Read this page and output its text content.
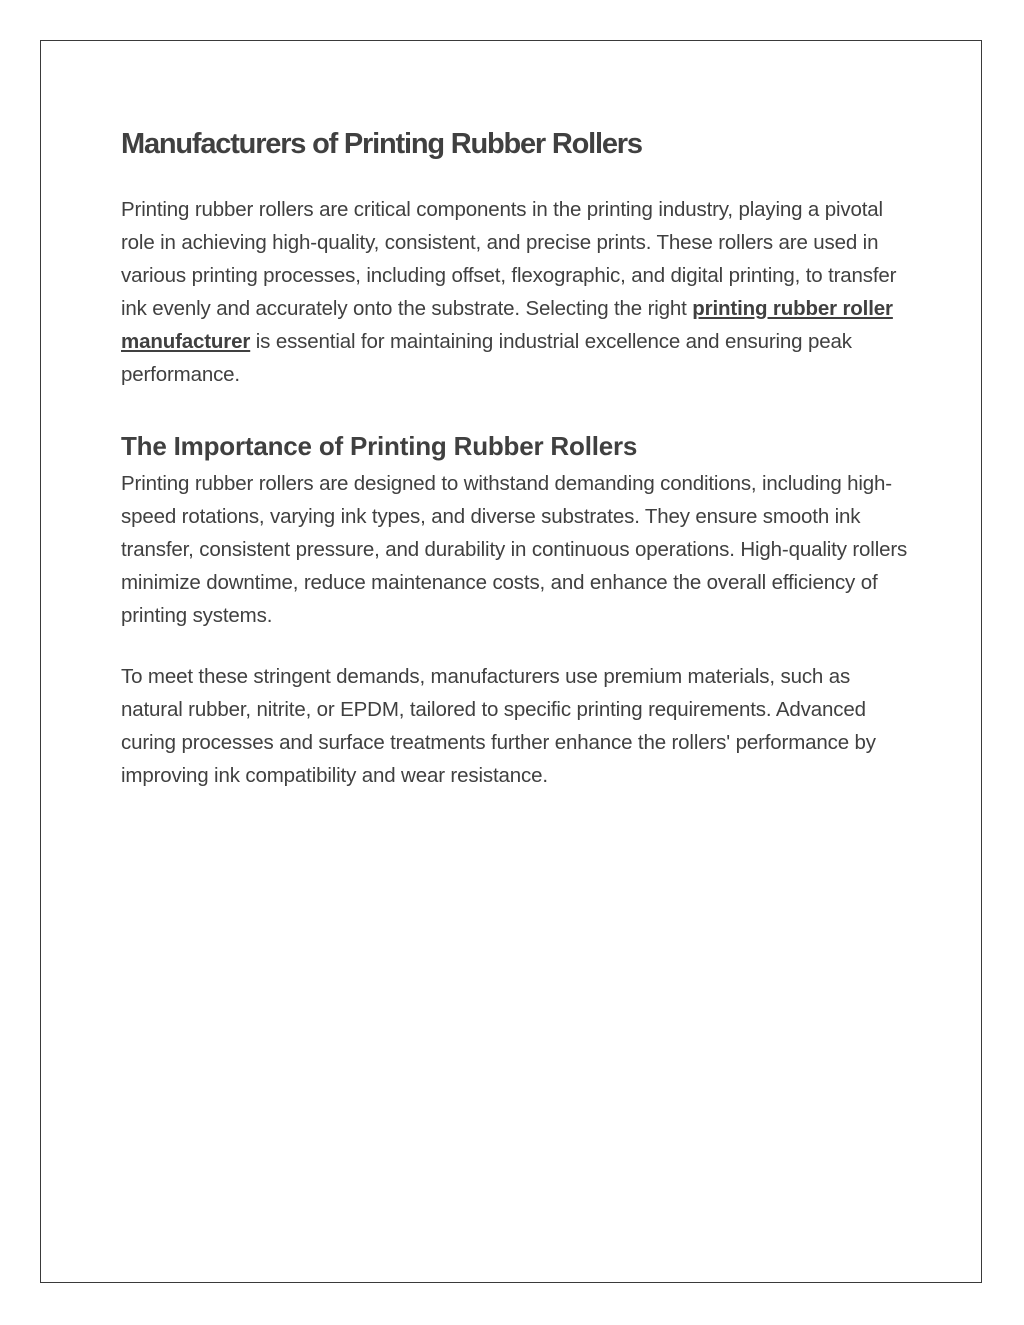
Manufacturers of Printing Rubber Rollers

Printing rubber rollers are critical components in the printing industry, playing a pivotal role in achieving high-quality, consistent, and precise prints. These rollers are used in various printing processes, including offset, flexographic, and digital printing, to transfer ink evenly and accurately onto the substrate. Selecting the right printing rubber roller manufacturer is essential for maintaining industrial excellence and ensuring peak performance.

The Importance of Printing Rubber Rollers

Printing rubber rollers are designed to withstand demanding conditions, including high-speed rotations, varying ink types, and diverse substrates. They ensure smooth ink transfer, consistent pressure, and durability in continuous operations. High-quality rollers minimize downtime, reduce maintenance costs, and enhance the overall efficiency of printing systems.

To meet these stringent demands, manufacturers use premium materials, such as natural rubber, nitrite, or EPDM, tailored to specific printing requirements. Advanced curing processes and surface treatments further enhance the rollers' performance by improving ink compatibility and wear resistance.
